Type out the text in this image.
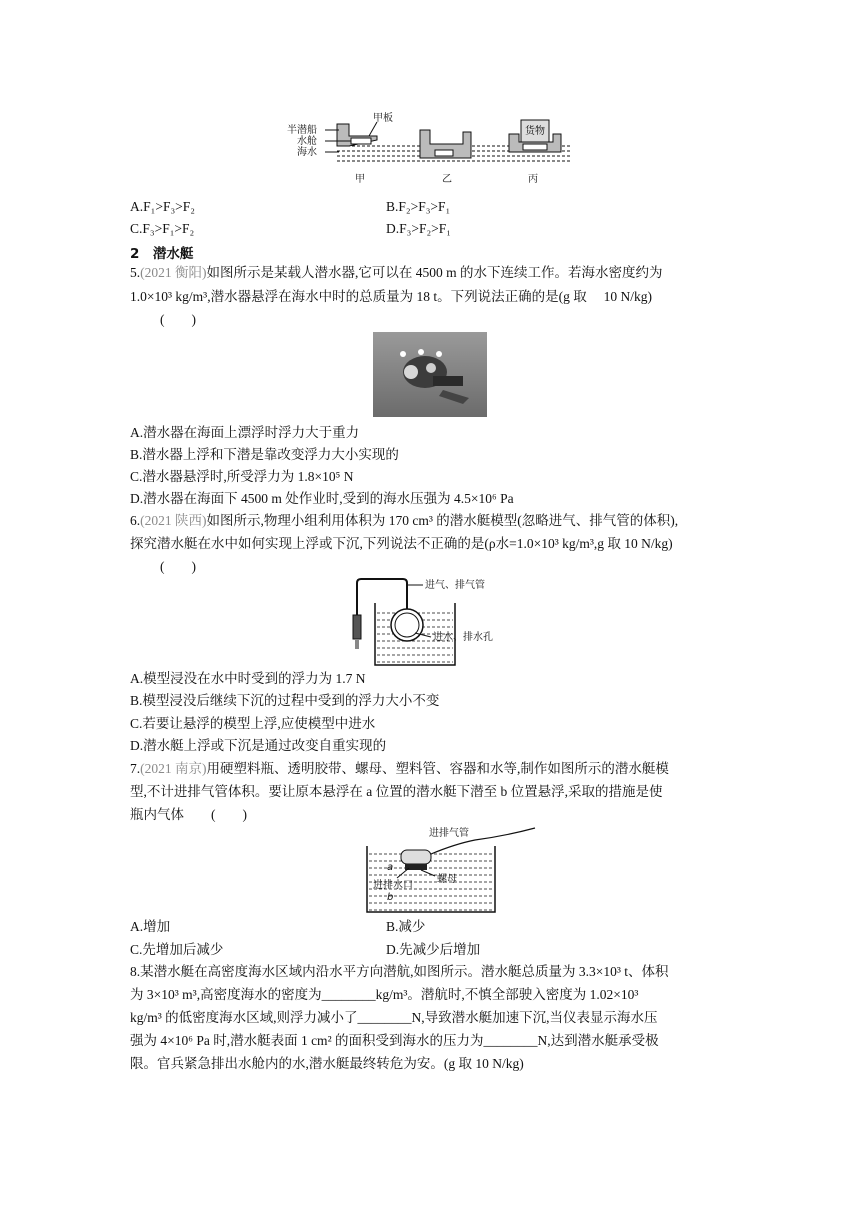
半潜船
水舱
海水
甲板
货物
甲	乙	丙
A.F₁>F₃>F₂	B.F₂>F₃>F₁
C.F₃>F₁>F₂	D.F₃>F₂>F₁
2　潜水艇
5.(2021 衡阳)如图所示是某载人潜水器,它可以在 4500 m 的水下连续工作。若海水密度约为
1.0×10³ kg/m³,潜水器悬浮在海水中时的总质量为 18 t。下列说法正确的是(g 取　 10 N/kg)
(　　)
A.潜水器在海面上漂浮时浮力大于重力
B.潜水器上浮和下潜是靠改变浮力大小实现的
C.潜水器悬浮时,所受浮力为 1.8×10⁵ N
D.潜水器在海面下 4500 m 处作业时,受到的海水压强为 4.5×10⁶ Pa
6.(2021 陕西)如图所示,物理小组利用体积为 170 cm³ 的潜水艇模型(忽略进气、排气管的体积),
探究潜水艇在水中如何实现上浮或下沉,下列说法不正确的是(ρ水=1.0×10³ kg/m³,g 取 10 N/kg)
(　　)
进气、排气管
进水、排水孔
A.模型浸没在水中时受到的浮力为 1.7 N
B.模型浸没后继续下沉的过程中受到的浮力大小不变
C.若要让悬浮的模型上浮,应使模型中进水
D.潜水艇上浮或下沉是通过改变自重实现的
7.(2021 南京)用硬塑料瓶、透明胶带、螺母、塑料管、容器和水等,制作如图所示的潜水艇模
型,不计进排气管体积。要让原本悬浮在 a 位置的潜水艇下潜至 b 位置悬浮,采取的措施是使
瓶内气体　　(　　)
进排气管
螺母
进排水口
a
b
A.增加	B.减少
C.先增加后减少	D.先减少后增加
8.某潜水艇在高密度海水区域内沿水平方向潜航,如图所示。潜水艇总质量为 3.3×10³ t、体积
为 3×10³ m³,高密度海水的密度为________kg/m³。潜航时,不慎全部驶入密度为 1.02×10³
kg/m³ 的低密度海水区域,则浮力减小了________N,导致潜水艇加速下沉,当仪表显示海水压
强为 4×10⁶ Pa 时,潜水艇表面 1 cm² 的面积受到海水的压力为________N,达到潜水艇承受极
限。官兵紧急排出水舱内的水,潜水艇最终转危为安。(g 取 10 N/kg)
